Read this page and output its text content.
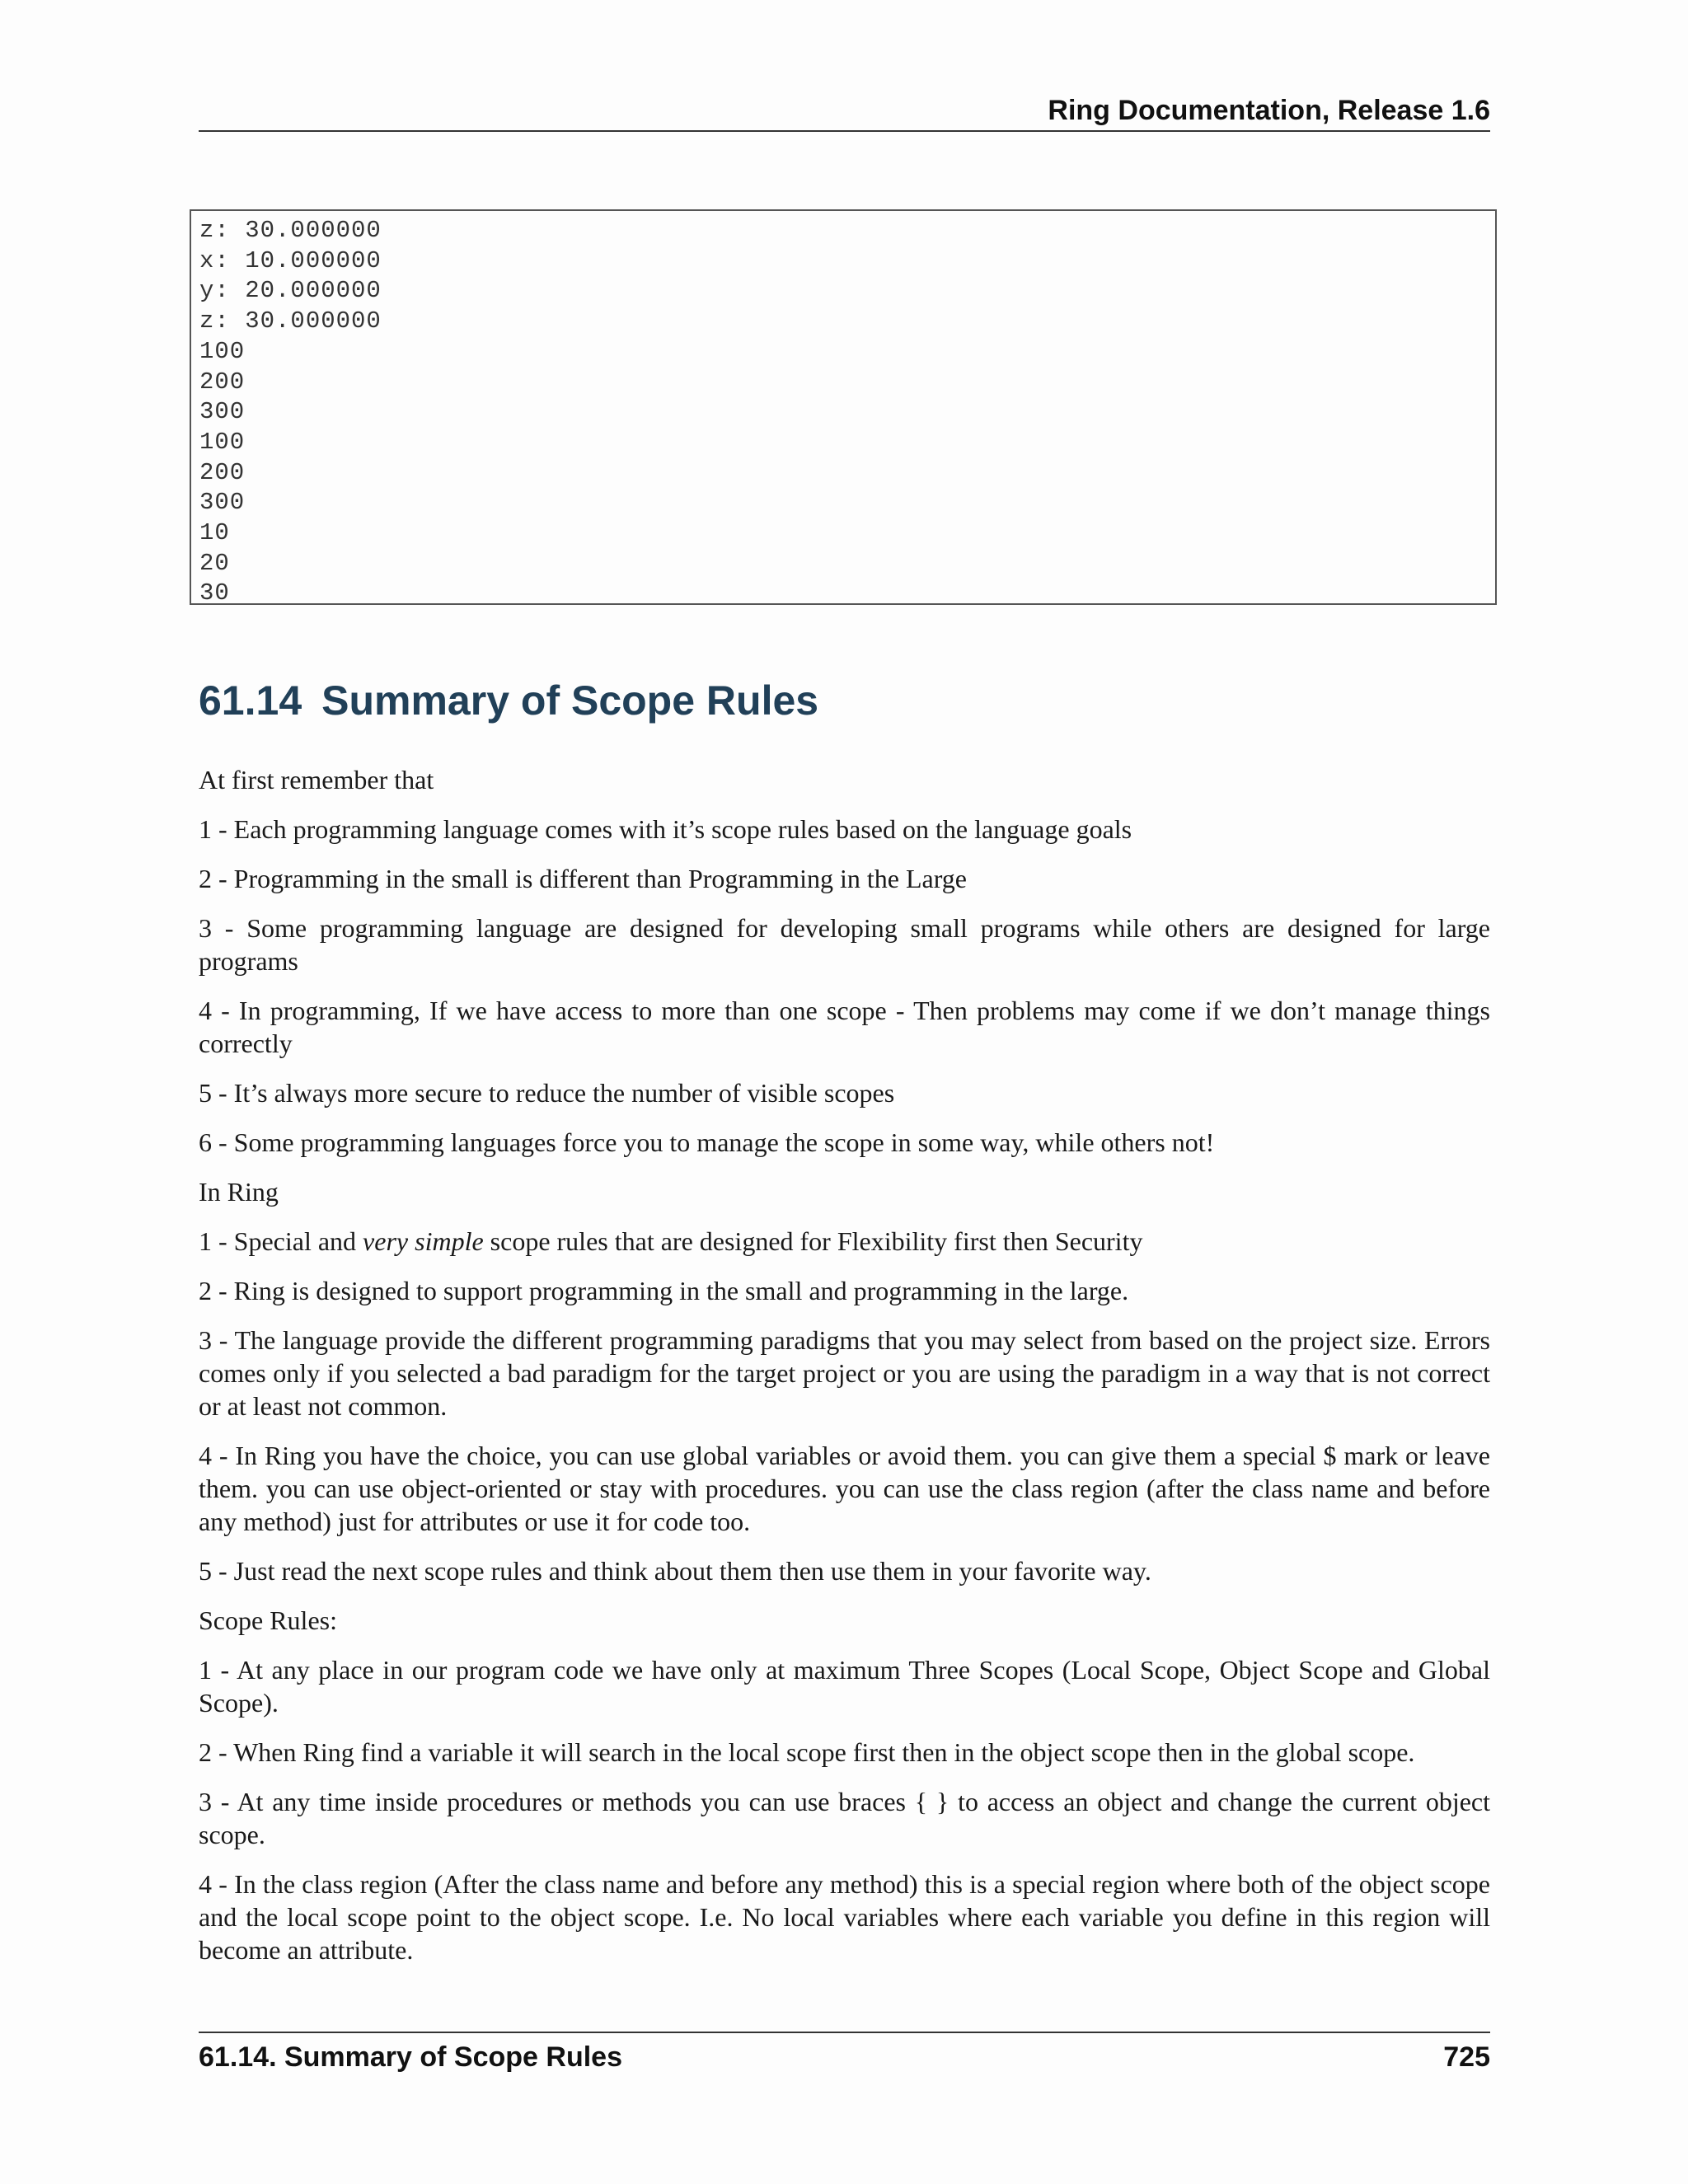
Ring Documentation, Release 1.6
z: 30.000000
x: 10.000000
y: 20.000000
z: 30.000000
100
200
300
100
200
300
10
20
30
61.14 Summary of Scope Rules

At first remember that

1 - Each programming language comes with it’s scope rules based on the language goals

2 - Programming in the small is different than Programming in the Large

3 - Some programming language are designed for developing small programs while others are designed for large programs

4 - In programming, If we have access to more than one scope - Then problems may come if we don’t manage things correctly

5 - It’s always more secure to reduce the number of visible scopes

6 - Some programming languages force you to manage the scope in some way, while others not!

In Ring

1 - Special and very simple scope rules that are designed for Flexibility first then Security

2 - Ring is designed to support programming in the small and programming in the large.

3 - The language provide the different programming paradigms that you may select from based on the project size. Errors comes only if you selected a bad paradigm for the target project or you are using the paradigm in a way that is not correct or at least not common.

4 - In Ring you have the choice, you can use global variables or avoid them. you can give them a special $ mark or leave them. you can use object-oriented or stay with procedures. you can use the class region (after the class name and before any method) just for attributes or use it for code too.

5 - Just read the next scope rules and think about them then use them in your favorite way.

Scope Rules:

1 - At any place in our program code we have only at maximum Three Scopes (Local Scope, Object Scope and Global Scope).

2 - When Ring find a variable it will search in the local scope first then in the object scope then in the global scope.

3 - At any time inside procedures or methods you can use braces { } to access an object and change the current object scope.

4 - In the class region (After the class name and before any method) this is a special region where both of the object scope and the local scope point to the object scope. I.e. No local variables where each variable you define in this region will become an attribute.

61.14. Summary of Scope Rules	725
